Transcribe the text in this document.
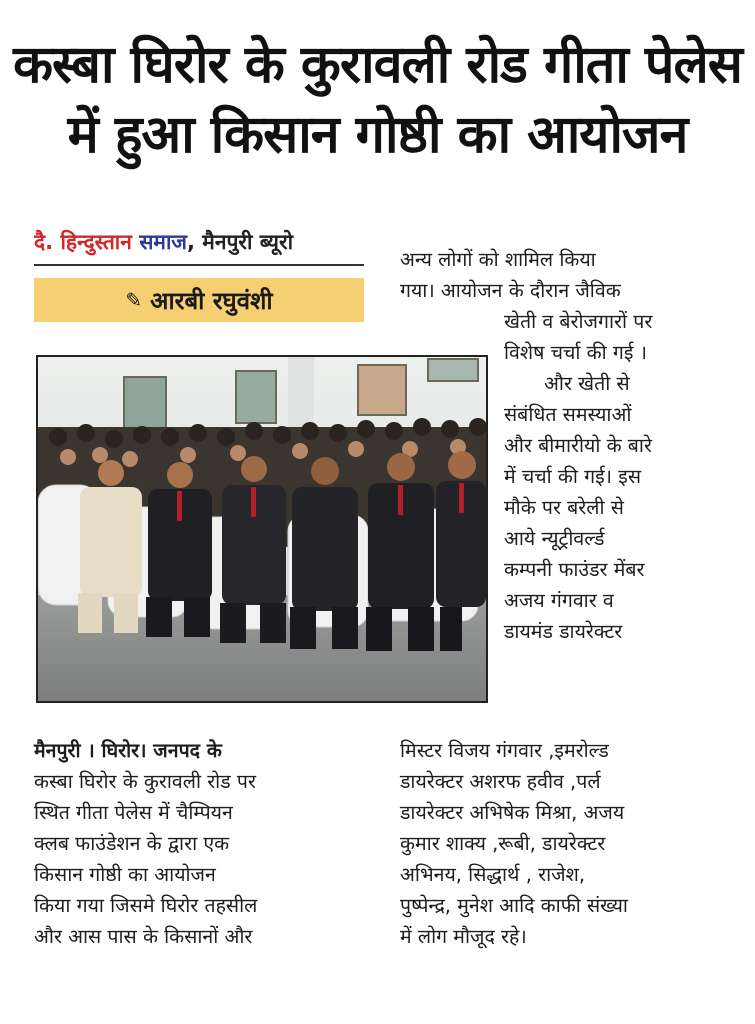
कस्बा घिरोर के कुरावली रोड गीता पेलेस
में हुआ किसान गोष्ठी का आयोजन
दै. हिन्दुस्तान समाज, मैनपुरी ब्यूरो
✎ आरबी रघुवंशी

मैनपुरी । घिरोर। जनपद के

कस्बा घिरोर के कुरावली रोड पर

स्थित गीता पेलेस में चैम्पियन

क्लब फाउंडेशन के द्वारा एक

किसान गोष्ठी का आयोजन

किया गया जिसमे घिरोर तहसील

और आस पास के किसानों और

अन्य लोगों को शामिल किया

गया। आयोजन के दौरान जैविक

खेती व बेरोजगारों पर

विशेष चर्चा की गई ।

और खेती से

संबंधित समस्याओं

और बीमारीयो के बारे

में चर्चा की गई। इस

मौके पर बरेली से

आये न्यूट्रीवर्ल्ड

कम्पनी फाउंडर मेंबर

अजय गंगवार व

डायमंड डायरेक्टर

मिस्टर विजय गंगवार ,इमरोल्ड

डायरेक्टर अशरफ हवीव ,पर्ल

डायरेक्टर अभिषेक मिश्रा, अजय

कुमार शाक्य ,रूबी, डायरेक्टर

अभिनय, सिद्धार्थ , राजेश,

पुष्पेन्द्र, मुनेश आदि काफी संख्या

में लोग मौजूद रहे।
